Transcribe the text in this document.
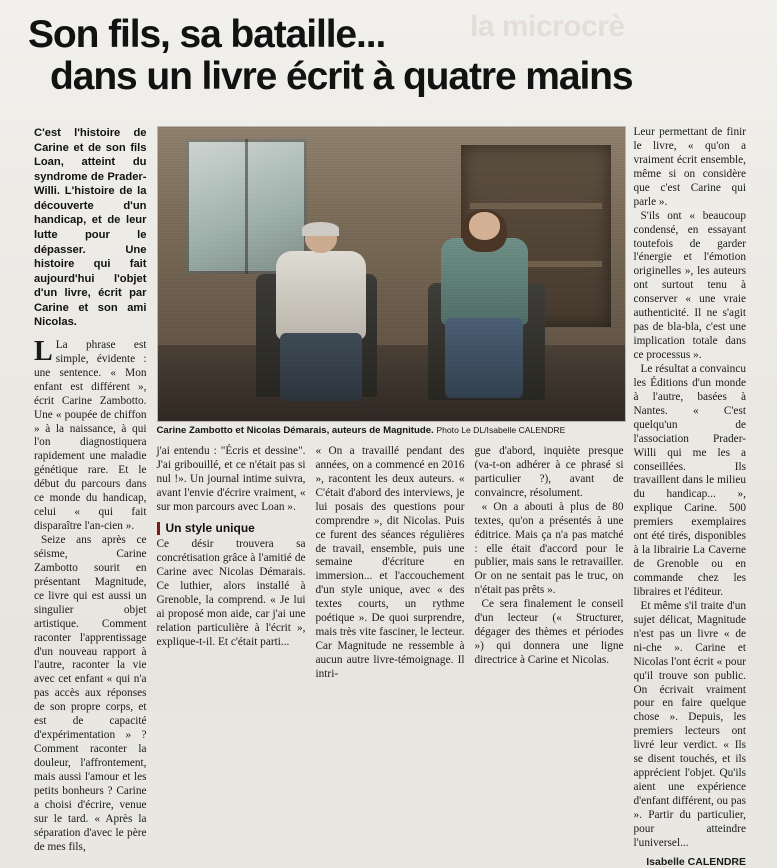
la microcrè
Son fils, sa bataille...
dans un livre écrit à quatre mains
C'est l'histoire de Carine et de son fils Loan, atteint du syndrome de Prader-Willi. L'histoire de la découverte d'un handicap, et de leur lutte pour le dépasser. Une histoire qui fait aujourd'hui l'objet d'un livre, écrit par Carine et son ami Nicolas.

L La phrase est simple, évidente : une sentence. « Mon enfant est différent », écrit Carine Zambotto. Une « poupée de chiffon » à la naissance, à qui l'on diagnostiquera rapidement une maladie génétique rare. Et le début du parcours dans ce monde du handicap, celui « qui fait disparaître l'an-cien ».

Seize ans après ce séisme, Carine Zambotto sourit en présentant Magnitude, ce livre qui est aussi un singulier objet artistique. Comment raconter l'apprentissage d'un nouveau rapport à l'autre, raconter la vie avec cet enfant « qui n'a pas accès aux réponses de son propre corps, et est de capacité d'expérimentation » ? Comment raconter la douleur, l'affrontement, mais aussi l'amour et les petits bonheurs ? Carine a choisi d'écrire, venue sur le tard. « Après la séparation d'avec le père de mes fils,

Carine Zambotto et Nicolas Démarais, auteurs de Magnitude. Photo Le DL/Isabelle CALENDRE

j'ai entendu : "Écris et dessine". J'ai gribouillé, et ce n'était pas si nul !». Un journal intime suivra, avant l'envie d'écrire vraiment, « sur mon parcours avec Loan ».

Un style unique

Ce désir trouvera sa concrétisation grâce à l'amitié de Carine avec Nicolas Démarais. Ce luthier, alors installé à Grenoble, la comprend. « Je lui ai proposé mon aide, car j'ai une relation particulière à l'écrit », explique-t-il. Et c'était parti...

« On a travaillé pendant des années, on a commencé en 2016 », racontent les deux auteurs. « C'était d'abord des interviews, je lui posais des questions pour comprendre », dit Nicolas. Puis ce furent des séances régulières de travail, ensemble, puis une semaine d'écriture en immersion... et l'accouchement d'un style unique, avec « des textes courts, un rythme poétique ». De quoi surprendre, mais très vite fasciner, le lecteur. Car Magnitude ne ressemble à aucun autre livre-témoignage. Il intri-

gue d'abord, inquiète presque (va-t-on adhérer à ce phrasé si particulier ?), avant de convaincre, résolument.

« On a abouti à plus de 80 textes, qu'on a présentés à une éditrice. Mais ça n'a pas matché : elle était d'accord pour le publier, mais sans le retravailler. Or on ne sentait pas le truc, on n'était pas prêts ».

Ce sera finalement le conseil d'un lecteur (« Structurer, dégager des thèmes et périodes ») qui donnera une ligne directrice à Carine et Nicolas.

Leur permettant de finir le livre, « qu'on a vraiment écrit ensemble, même si on considère que c'est Carine qui parle ».

S'ils ont « beaucoup condensé, en essayant toutefois de garder l'énergie et l'émotion originelles », les auteurs ont surtout tenu à conserver « une vraie authenticité. Il ne s'agit pas de bla-bla, c'est une implication totale dans ce processus ».

Le résultat a convaincu les Éditions d'un monde à l'autre, basées à Nantes. « C'est quelqu'un de l'association Prader-Willi qui me les a conseillées. Ils travaillent dans le milieu du handicap... », explique Carine. 500 premiers exemplaires ont été tirés, disponibles à la librairie La Caverne de Grenoble ou en commande chez les libraires et l'éditeur.

Et même s'il traite d'un sujet délicat, Magnitude n'est pas un livre « de ni-che ». Carine et Nicolas l'ont écrit « pour qu'il trouve son public. On écrivait vraiment pour en faire quelque chose ». Depuis, les premiers lecteurs ont livré leur verdict. « Ils se disent touchés, et ils apprécient l'objet. Qu'ils aient une expérience d'enfant différent, ou pas ». Partir du particulier, pour atteindre l'universel...

Isabelle CALENDRE
